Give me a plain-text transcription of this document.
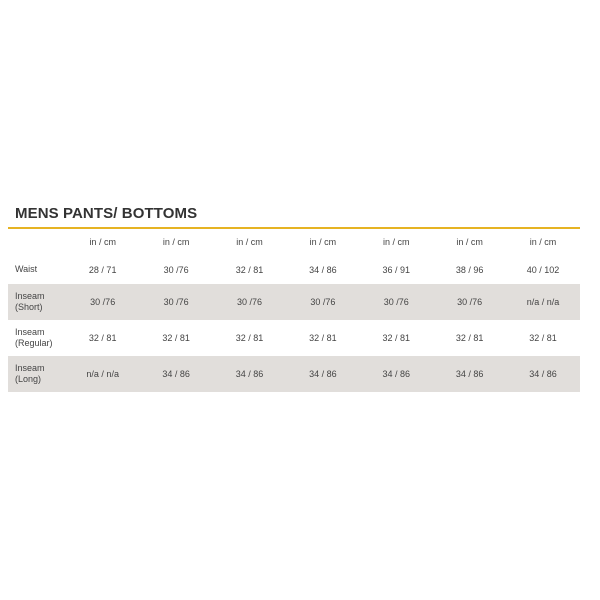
MENS PANTS/ BOTTOMS
in / cm	in / cm	in / cm	in / cm	in / cm	in / cm	in / cm
Waist	28 / 71	30 /76	32 / 81	34 / 86	36 / 91	38 / 96	40 / 102
Inseam
(Short)	30 /76	30 /76	30 /76	30 /76	30 /76	30 /76	n/a / n/a
Inseam
(Regular)	32 / 81	32 / 81	32 / 81	32 / 81	32 / 81	32 / 81	32 / 81
Inseam
(Long)	n/a / n/a	34 / 86	34 / 86	34 / 86	34 / 86	34 / 86	34 / 86
